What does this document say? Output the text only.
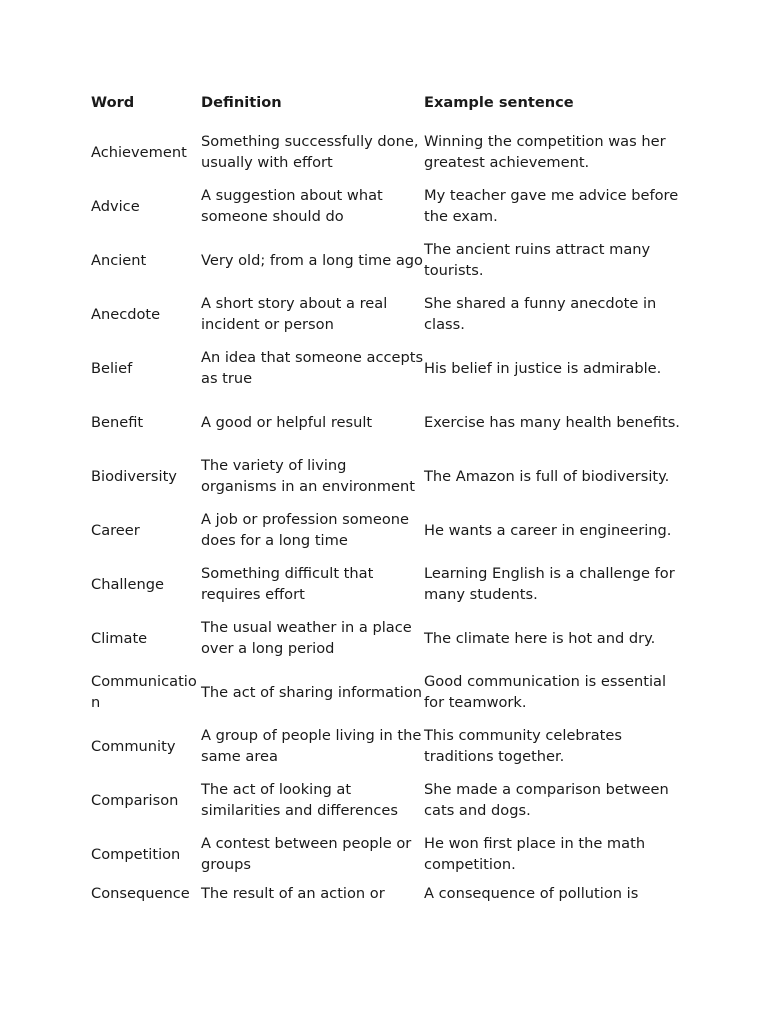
Word	Definition	Example sentence
Achievement	Something successfully done, usually with effort	Winning the competition was her greatest achievement.
Advice	A suggestion about what someone should do	My teacher gave me advice before the exam.
Ancient	Very old; from a long time ago	The ancient ruins attract many tourists.
Anecdote	A short story about a real incident or person	She shared a funny anecdote in class.
Belief	An idea that someone accepts as true	His belief in justice is admirable.
Benefit	A good or helpful result	Exercise has many health benefits.
Biodiversity	The variety of living organisms in an environment	The Amazon is full of biodiversity.
Career	A job or profession someone does for a long time	He wants a career in engineering.
Challenge	Something difficult that requires effort	Learning English is a challenge for many students.
Climate	The usual weather in a place over a long period	The climate here is hot and dry.
Communication	The act of sharing information	Good communication is essential for teamwork.
Community	A group of people living in the same area	This community celebrates traditions together.
Comparison	The act of looking at similarities and differences	She made a comparison between cats and dogs.
Competition	A contest between people or groups	He won first place in the math competition.
Consequence	The result of an action or	A consequence of pollution is
